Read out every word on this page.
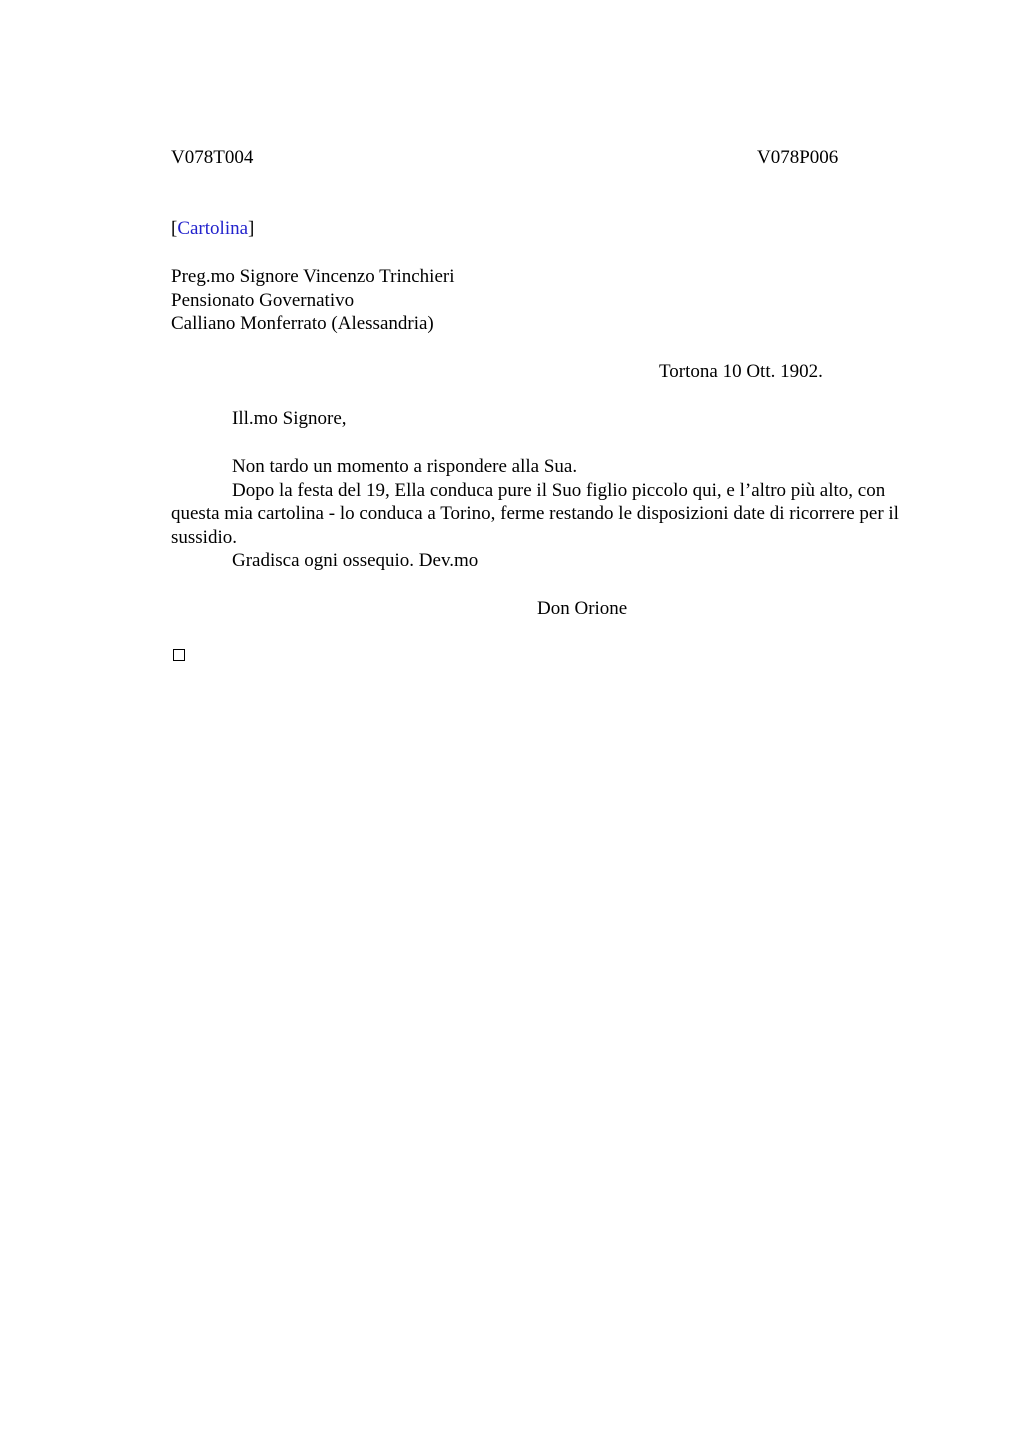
V078T004	V078P006
[Cartolina]
Preg.mo Signore Vincenzo Trinchieri
Pensionato Governativo
Calliano Monferrato (Alessandria)
Tortona 10 Ott. 1902.
Ill.mo Signore,

Non tardo un momento a rispondere alla Sua.

Dopo la festa del 19, Ella conduca pure il Suo figlio piccolo qui, e l’altro più alto, con questa mia cartolina - lo conduca a Torino, ferme restando le disposizioni date di ricorrere per il sussidio.

Gradisca ogni ossequio. Dev.mo

Don Orione
